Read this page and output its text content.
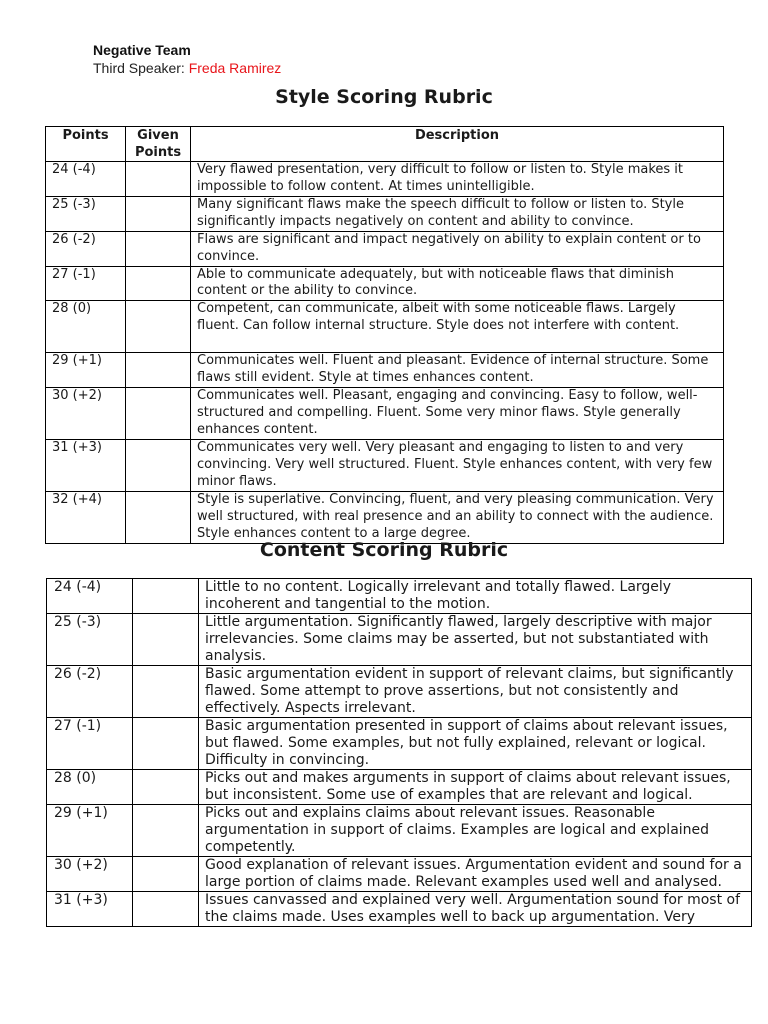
Negative Team
Third Speaker: Freda Ramirez
Style Scoring Rubric
Points	Given Points	Description
24 (-4)		Very flawed presentation, very difficult to follow or listen to. Style makes it impossible to follow content. At times unintelligible.
25 (-3)		Many significant flaws make the speech difficult to follow or listen to. Style significantly impacts negatively on content and ability to convince.
26 (-2)		Flaws are significant and impact negatively on ability to explain content or to convince.
27 (-1)		Able to communicate adequately, but with noticeable flaws that diminish content or the ability to convince.
28 (0)		Competent, can communicate, albeit with some noticeable flaws. Largely fluent. Can follow internal structure. Style does not interfere with content.
29 (+1)		Communicates well. Fluent and pleasant. Evidence of internal structure. Some flaws still evident. Style at times enhances content.
30 (+2)		Communicates well. Pleasant, engaging and convincing. Easy to follow, well-structured and compelling. Fluent. Some very minor flaws. Style generally enhances content.
31 (+3)		Communicates very well. Very pleasant and engaging to listen to and very convincing. Very well structured. Fluent. Style enhances content, with very few minor flaws.
32 (+4)		Style is superlative. Convincing, fluent, and very pleasing communication. Very well structured, with real presence and an ability to connect with the audience. Style enhances content to a large degree.
Content Scoring Rubric
24 (-4)		Little to no content. Logically irrelevant and totally flawed. Largely incoherent and tangential to the motion.
25 (-3)		Little argumentation. Significantly flawed, largely descriptive with major irrelevancies. Some claims may be asserted, but not substantiated with analysis.
26 (-2)		Basic argumentation evident in support of relevant claims, but significantly flawed. Some attempt to prove assertions, but not consistently and effectively. Aspects irrelevant.
27 (-1)		Basic argumentation presented in support of claims about relevant issues, but flawed. Some examples, but not fully explained, relevant or logical. Difficulty in convincing.
28 (0)		Picks out and makes arguments in support of claims about relevant issues, but inconsistent. Some use of examples that are relevant and logical.
29 (+1)		Picks out and explains claims about relevant issues. Reasonable argumentation in support of claims. Examples are logical and explained competently.
30 (+2)		Good explanation of relevant issues. Argumentation evident and sound for a large portion of claims made. Relevant examples used well and analysed.
31 (+3)		Issues canvassed and explained very well. Argumentation sound for most of the claims made. Uses examples well to back up argumentation. Very
